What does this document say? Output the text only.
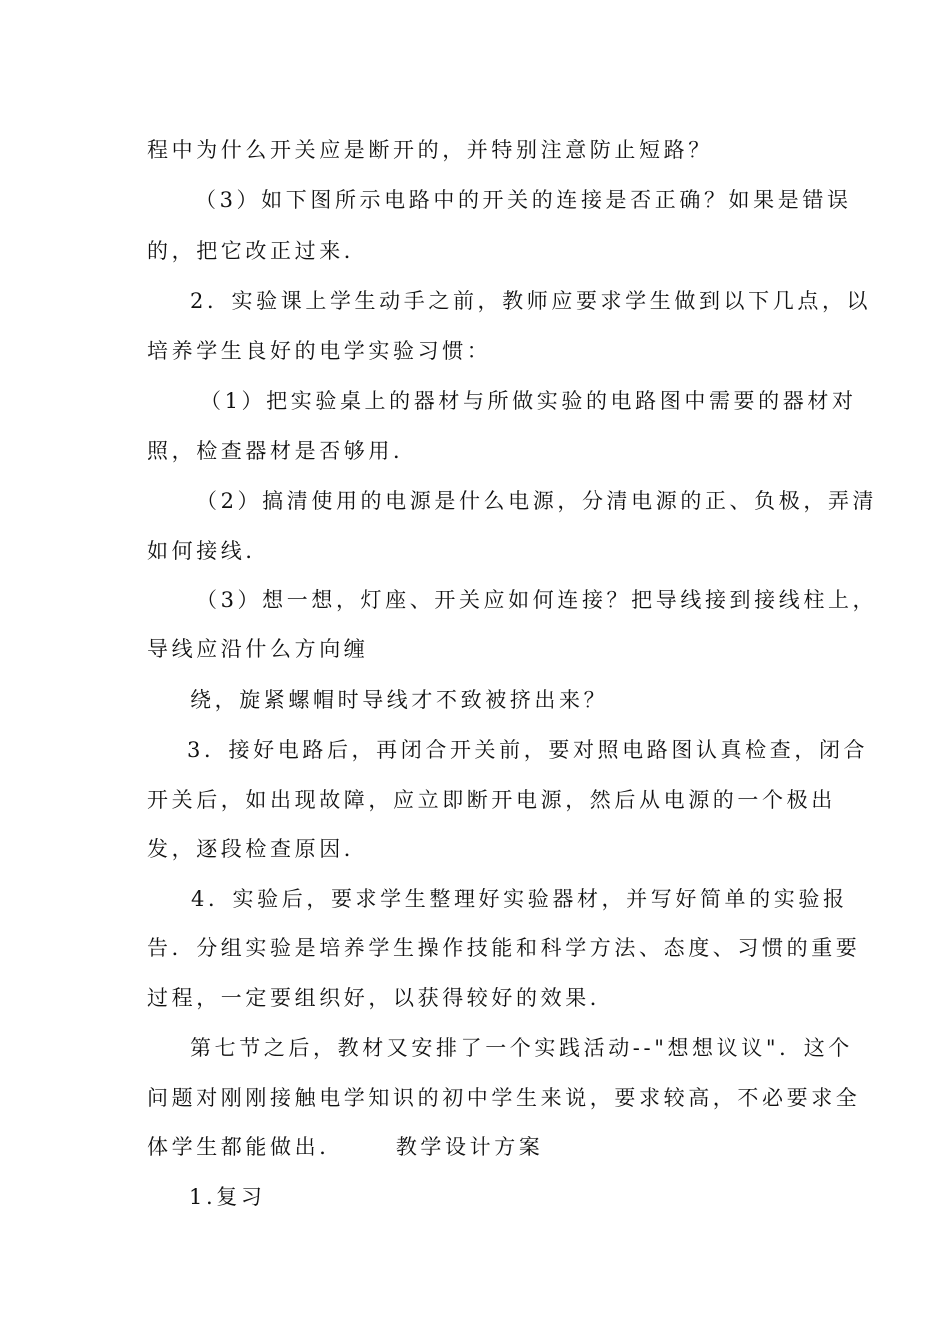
程中为什么开关应是断开的，并特别注意防止短路？
（3）如下图所示电路中的开关的连接是否正确？如果是错误
的，把它改正过来．
2．实验课上学生动手之前，教师应要求学生做到以下几点，以
培养学生良好的电学实验习惯：
（1）把实验桌上的器材与所做实验的电路图中需要的器材对
照，检查器材是否够用．
（2）搞清使用的电源是什么电源，分清电源的正、负极，弄清
如何接线．
（3）想一想，灯座、开关应如何连接？把导线接到接线柱上，
导线应沿什么方向缠
绕，旋紧螺帽时导线才不致被挤出来？
3．接好电路后，再闭合开关前，要对照电路图认真检查，闭合
开关后，如出现故障，应立即断开电源，然后从电源的一个极出
发，逐段检查原因．
4．实验后，要求学生整理好实验器材，并写好简单的实验报
告．分组实验是培养学生操作技能和科学方法、态度、习惯的重要
过程，一定要组织好，以获得较好的效果．
第七节之后，教材又安排了一个实践活动--"想想议议"．这个
问题对刚刚接触电学知识的初中学生来说，要求较高，不必要求全
体学生都能做出． 教学设计方案
1.复习
